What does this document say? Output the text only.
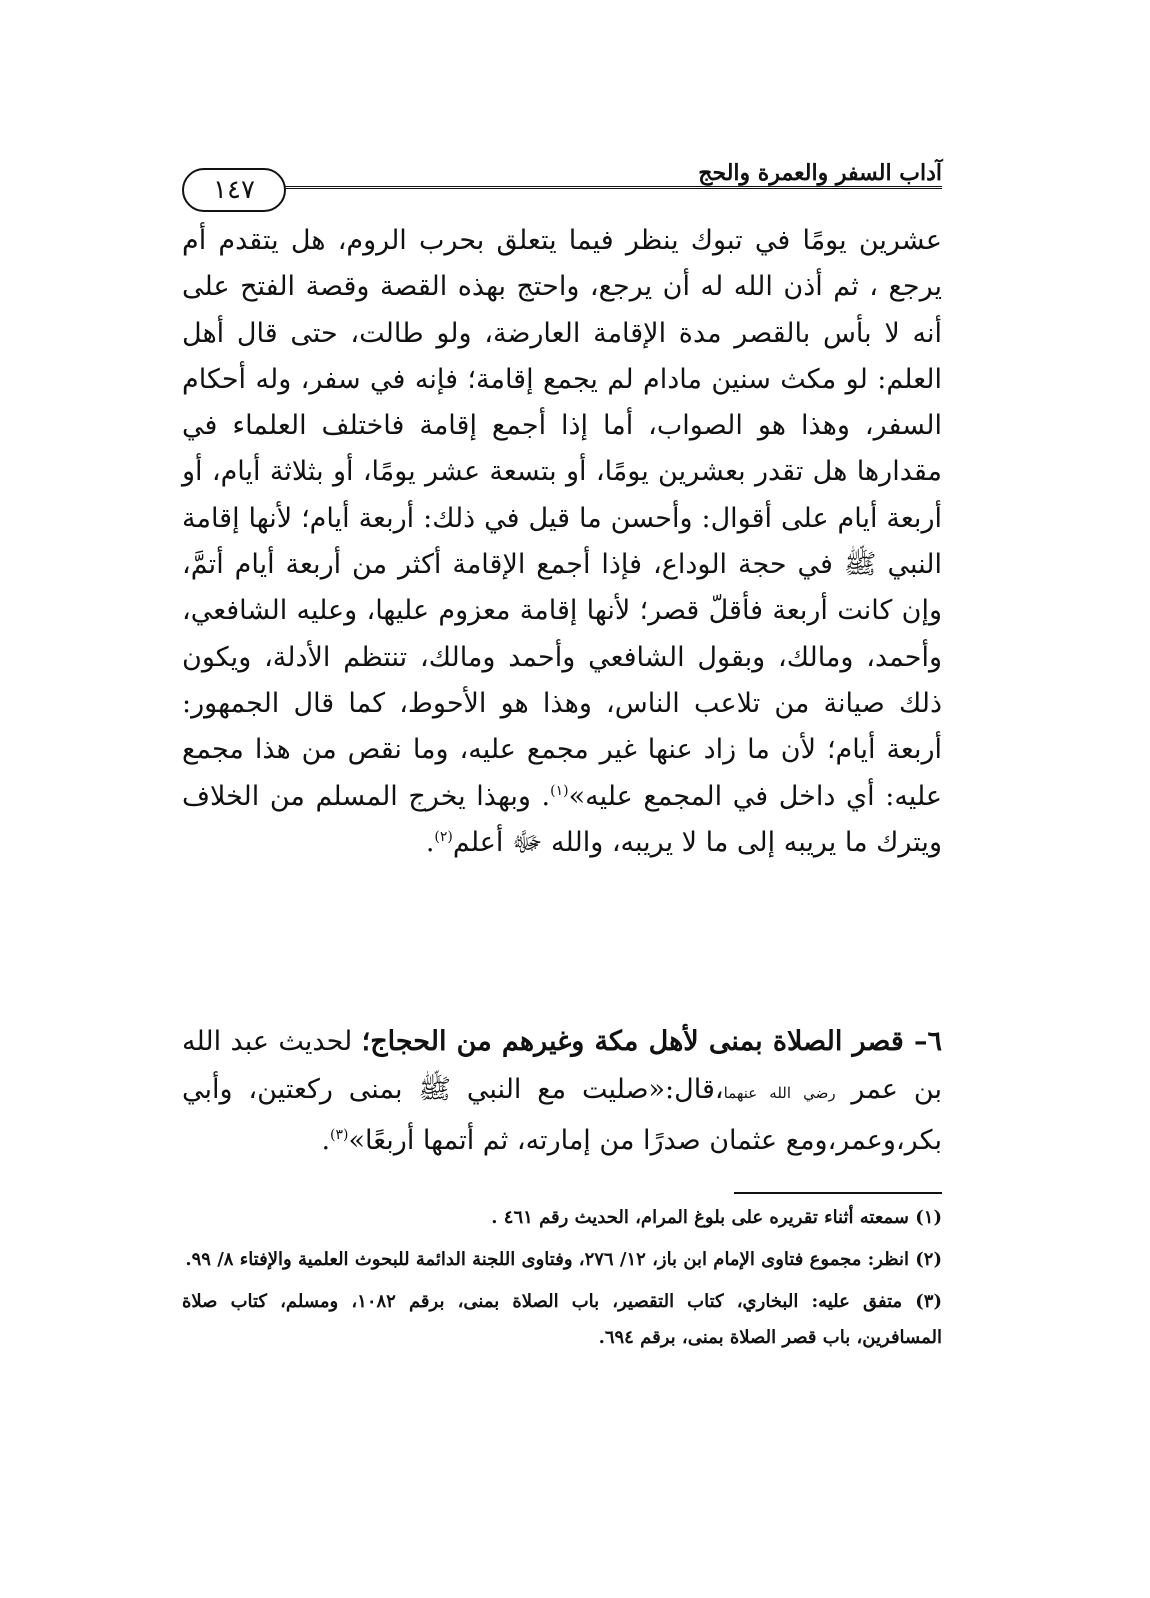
آداب السفر والعمرة والحج
١٤٧

عشرين يومًا في تبوك ينظر فيما يتعلق بحرب الروم، هل يتقدم أم يرجع ، ثم أذن الله له أن يرجع، واحتج بهذه القصة وقصة الفتح على أنه لا بأس بالقصر مدة الإقامة العارضة، ولو طالت، حتى قال أهل العلم: لو مكث سنين مادام لم يجمع إقامة؛ فإنه في سفر، وله أحكام السفر، وهذا هو الصواب، أما إذا أجمع إقامة فاختلف العلماء في مقدارها هل تقدر بعشرين يومًا، أو بتسعة عشر يومًا، أو بثلاثة أيام، أو أربعة أيام على أقوال: وأحسن ما قيل في ذلك: أربعة أيام؛ لأنها إقامة النبي ﷺ في حجة الوداع، فإذا أجمع الإقامة أكثر من أربعة أيام أتمَّ، وإن كانت أربعة فأقلّ قصر؛ لأنها إقامة معزوم عليها، وعليه الشافعي، وأحمد، ومالك، وبقول الشافعي وأحمد ومالك، تنتظم الأدلة، ويكون ذلك صيانة من تلاعب الناس، وهذا هو الأحوط، كما قال الجمهور: أربعة أيام؛ لأن ما زاد عنها غير مجمع عليه، وما نقص من هذا مجمع عليه: أي داخل في المجمع عليه»$^{(١)}$. وبهذا يخرج المسلم من الخلاف ويترك ما يريبه إلى ما لا يريبه، والله ﷻ أعلم$^{(٢)}$.

٦– قصر الصلاة بمنى لأهل مكة وغيرهم من الحجاج؛ لحديث عبد الله بن عمر رضي الله عنهما،قال:«صليت مع النبي ﷺ بمنى ركعتين، وأبي بكر،وعمر،ومع عثمان صدرًا من إمارته، ثم أتمها أربعًا»$^{(٣)}$.

(١) سمعته أثناء تقريره على بلوغ المرام، الحديث رقم ٤٦١ .

(٢) انظر: مجموع فتاوى الإمام ابن باز، ١٢/ ٢٧٦، وفتاوى اللجنة الدائمة للبحوث العلمية والإفتاء ٨/ ٩٩.

(٣) متفق عليه: البخاري، كتاب التقصير، باب الصلاة بمنى، برقم ١٠٨٢، ومسلم، كتاب صلاة المسافرين، باب قصر الصلاة بمنى، برقم ٦٩٤.
